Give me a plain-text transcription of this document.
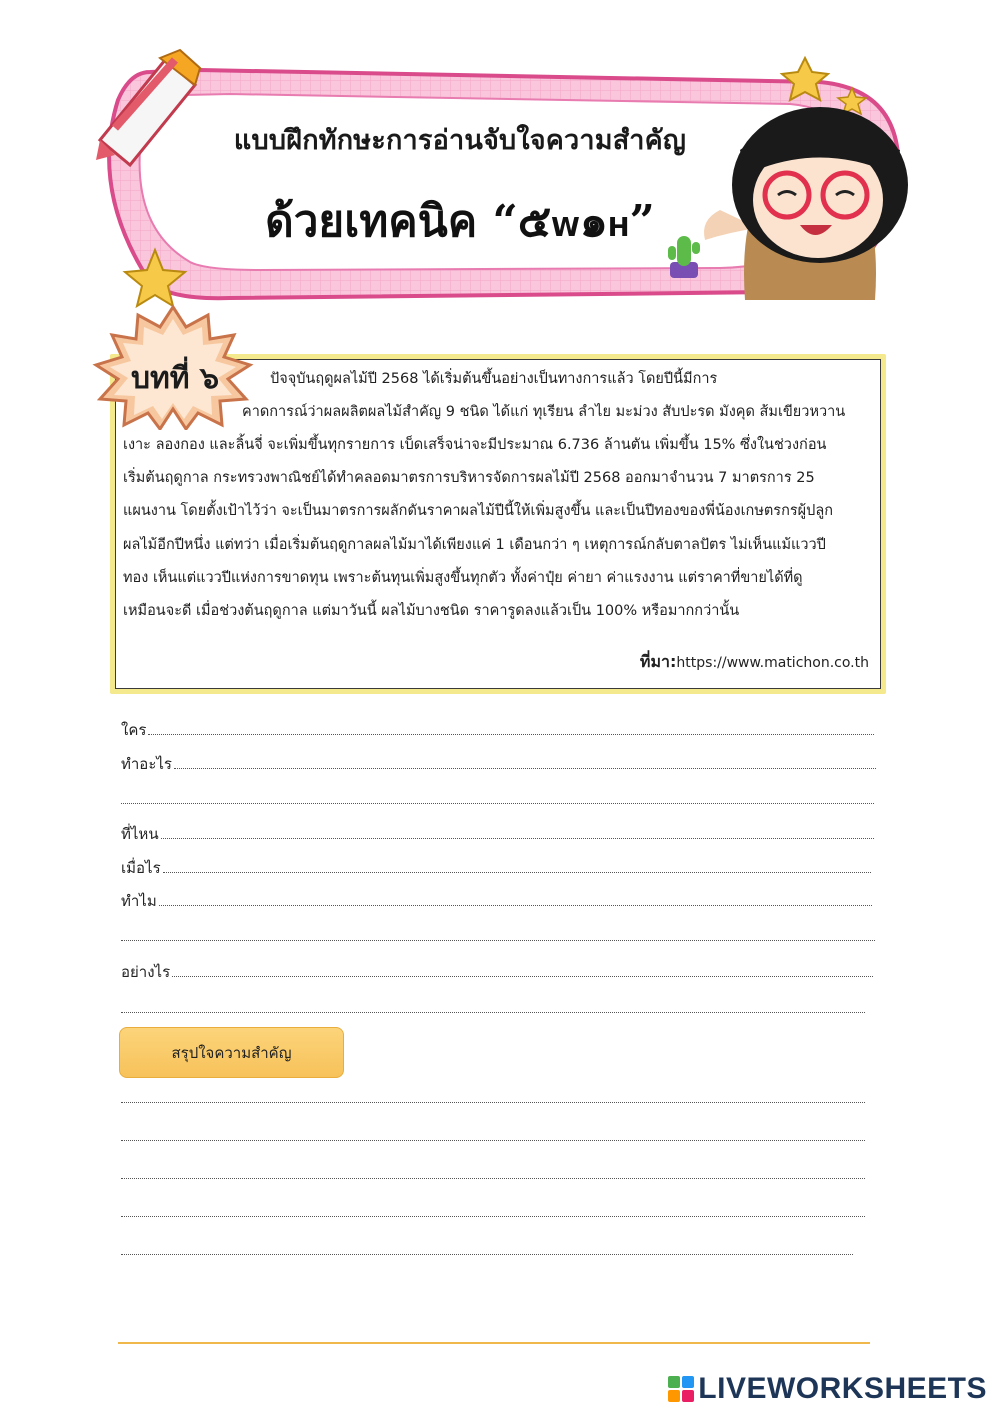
แบบฝึกทักษะการอ่านจับใจความสำคัญ
ด้วยเทคนิค “๕W๑H”
บทที่ ๖	ปัจจุบันฤดูผลไม้ปี 2568 ได้เริ่มต้นขึ้นอย่างเป็นทางการแล้ว โดยปีนี้มีการ
คาดการณ์ว่าผลผลิตผลไม้สำคัญ 9 ชนิด ได้แก่ ทุเรียน ลำไย มะม่วง สับปะรด มังคุด ส้มเขียวหวาน
เงาะ ลองกอง และลิ้นจี่ จะเพิ่มขึ้นทุกรายการ เบ็ดเสร็จน่าจะมีประมาณ 6.736 ล้านตัน เพิ่มขึ้น 15% ซึ่งในช่วงก่อน
เริ่มต้นฤดูกาล กระทรวงพาณิชย์ได้ทำคลอดมาตรการบริหารจัดการผลไม้ปี 2568 ออกมาจำนวน 7 มาตรการ 25
แผนงาน โดยตั้งเป้าไว้ว่า จะเป็นมาตรการผลักดันราคาผลไม้ปีนี้ให้เพิ่มสูงขึ้น และเป็นปีทองของพี่น้องเกษตรกรผู้ปลูก
ผลไม้อีกปีหนึ่ง แต่ทว่า เมื่อเริ่มต้นฤดูกาลผลไม้มาได้เพียงแค่ 1 เดือนกว่า ๆ เหตุการณ์กลับตาลปัตร ไม่เห็นแม้แววปี
ทอง เห็นแต่แววปีแห่งการขาดทุน เพราะต้นทุนเพิ่มสูงขึ้นทุกตัว ทั้งค่าปุ๋ย ค่ายา ค่าแรงงาน แต่ราคาที่ขายได้ที่ดู
เหมือนจะดี เมื่อช่วงต้นฤดูกาล แต่มาวันนี้ ผลไม้บางชนิด ราคารูดลงแล้วเป็น 100% หรือมากกว่านั้น
ที่มา:https://www.matichon.co.th
ใคร
ทำอะไร
ที่ไหน
เมื่อไร
ทำไม
อย่างไร
สรุปใจความสำคัญ
LIVEWORKSHEETS
